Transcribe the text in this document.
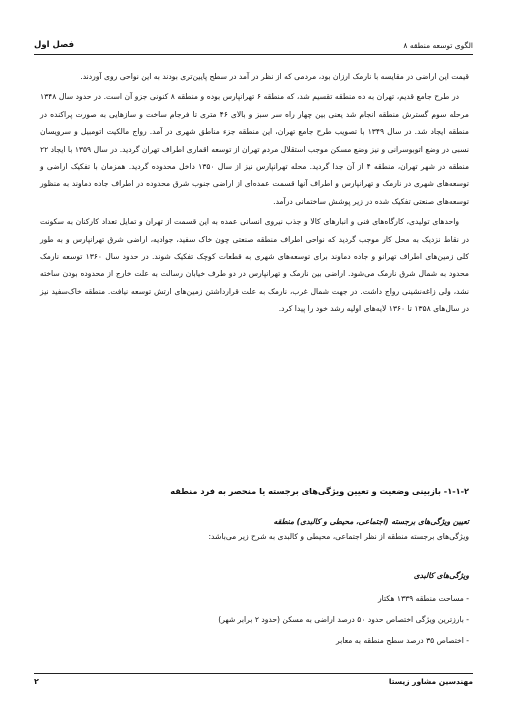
فصل اول	الگوی توسعه منطقه ۸

قیمت این اراضی در مقایسه با نارمک ارزان بود، مردمی که از نظر در آمد در سطح پایین‌تری بودند به این نواحی روی آوردند.

در طرح جامع قدیم، تهران به ده منطقه تقسیم شد، که منطقه ۶ تهرانپارس بوده و منطقه ۸ کنونی جزو آن است. در حدود سال ۱۳۴۸ مرحله سوم گسترش منطقه انجام شد یعنی بین چهار راه سر سبز و بالای ۴۶ متری تا فرجام ساخت و سازهایی به صورت پراکنده در منطقه ایجاد شد. در سال ۱۳۴۹ با تصویب طرح جامع تهران، این منطقه جزء مناطق شهری در آمد. رواج مالکیت اتومبیل و سرویسان نسبی در وضع اتوبوسرانی و نیز وضع مسکن موجب استقلال مردم تهران از توسعه اقماری اطراف تهران گردید. در سال ۱۳۵۹ با ایجاد ۲۲ منطقه در شهر تهران، منطقه ۴ از آن جدا گردید. محله تهرانپارس نیز از سال ۱۳۵۰ داخل محدوده گردید. همزمان با تفکیک اراضی و توسعه‌های شهری در نارمک و تهرانپارس و اطراف آنها قسمت عمده‌ای از اراضی جنوب شرق محدوده در اطراف جاده دماوند به منظور توسعه‌های صنعتی تفکیک شده در زیر پوشش ساختمانی درآمد.

واحدهای تولیدی، کارگاه‌های فنی و انبارهای کالا و جذب نیروی انسانی عمده به این قسمت از تهران و تمایل تعداد کارکنان به سکونت در نقاط نزدیک به محل کار موجب گردید که نواحی اطراف منطقه صنعتی چون خاک سفید، جوادیه، اراضی شرق تهرانپارس و به طور کلی زمین‌های اطراف تهرانو و جاده دماوند برای توسعه‌های شهری به قطعات کوچک تفکیک شوند. در حدود سال ۱۳۶۰ توسعه نارمک محدود به شمال شرق نارمک می‌شود. اراضی بین نارمک و تهرانپارس در دو طرف خیابان رسالت به علت خارج از محدوده بودن ساخته نشد، ولی زاغه‌نشینی رواج داشت. در جهت شمال غرب، نارمک به علت قرارداشتن زمین‌های ارتش توسعه نیافت. منطقه خاک‌سفید نیز در سال‌های ۱۳۵۸ تا ۱۳۶۰ لایه‌های اولیه رشد خود را پیدا کرد.

۱-۱-۲- بازبینی وضعیت و تعیین ویژگی‌های برجسته یا منحصر به فرد منطقه
تعیین ویژگی‌های برجسته (اجتماعی، محیطی و کالبدی) منطقه
ویژگی‌های برجسته منطقه از نظر اجتماعی، محیطی و کالبدی به شرح زیر می‌باشد:
ویژگی‌های کالبدی
- مساحت منطقه ۱۳۳۹ هکتار
- بارزترین ویژگی اختصاص حدود ۵۰ درصد اراضی به مسکن (حدود ۲ برابر شهر)
- اختصاص ۳۵ درصد سطح منطقه به معابر
۲	مهندسین مشاور زیستا
